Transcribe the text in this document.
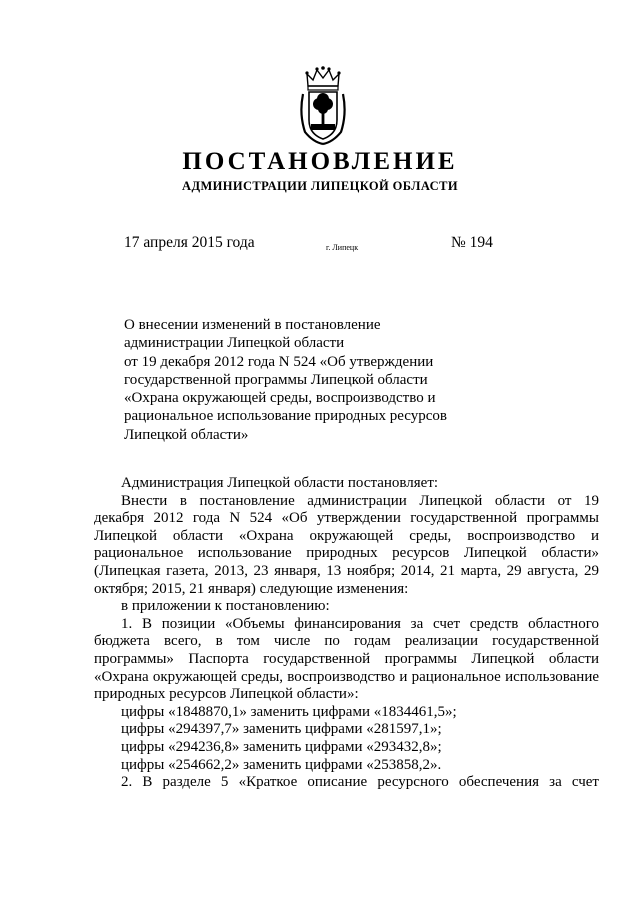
ПОСТАНОВЛЕНИЕ
АДМИНИСТРАЦИИ ЛИПЕЦКОЙ ОБЛАСТИ
17 апреля 2015 года	г. Липецк	№ 194
О внесении изменений в постановление
администрации Липецкой области
от 19 декабря 2012 года N 524 «Об утверждении
государственной программы Липецкой области
«Охрана окружающей среды, воспроизводство и
рациональное использование природных ресурсов
Липецкой области»

Администрация Липецкой области постановляет:

Внести в постановление администрации Липецкой области от 19

декабря 2012 года N 524 «Об утверждении государственной программы Липецкой области «Охрана окружающей среды, воспроизводство и рациональное использование природных ресурсов Липецкой области» (Липецкая газета, 2013, 23 января, 13 ноября; 2014, 21 марта, 29 августа, 29 октября; 2015, 21 января) следующие изменения:

в приложении к постановлению:

1. В позиции «Объемы финансирования за счет средств областного бюджета всего, в том числе по годам реализации государственной программы» Паспорта государственной программы Липецкой области «Охрана окружающей среды, воспроизводство и рациональное использование природных ресурсов Липецкой области»:

цифры «1848870,1» заменить цифрами «1834461,5»;

цифры «294397,7» заменить цифрами «281597,1»;

цифры «294236,8» заменить цифрами «293432,8»;

цифры «254662,2» заменить цифрами «253858,2».

2. В разделе 5 «Краткое описание ресурсного обеспечения за счет
